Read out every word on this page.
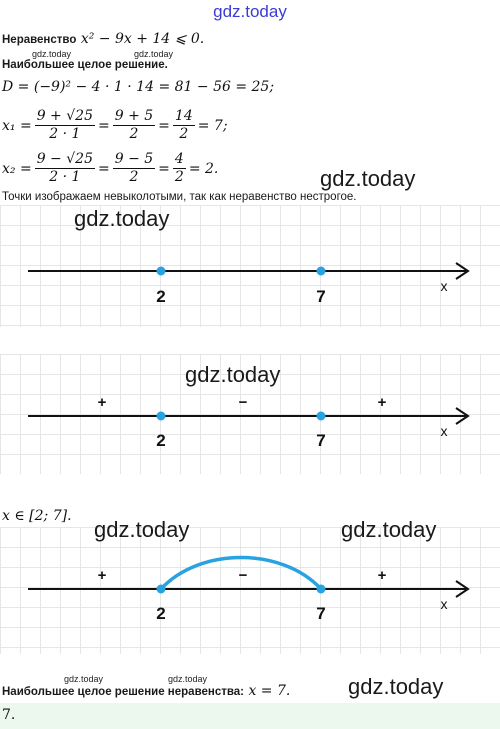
gdz.today
Неравенство x² − 9x + 14 ⩽ 0.
gdz.today	gdz.today
Наибольшее целое решение.
D = (−9)² − 4 · 1 · 14 = 81 − 56 = 25;
$x_1 = \frac{9 + √25}{2 \cdot 1} = \frac{9 + 5}{2} = \frac{14}{2} = 7$;
$x_2 = \frac{9 - √25}{2 \cdot 1} = \frac{9 - 5}{2} = \frac{4}{2} = 2$.	gdz.today
Точки изображаем невыколотыми, так как неравенство нестрогое.
2	7
x
gdz.today
+	−	+
2	7	x
gdz.today
x ∈ [2; 7].
+	−	+
2	7	x
gdz.today	gdz.today
gdz.today	gdz.today
Наибольшее целое решение неравенства: x = 7.	gdz.today
7.
